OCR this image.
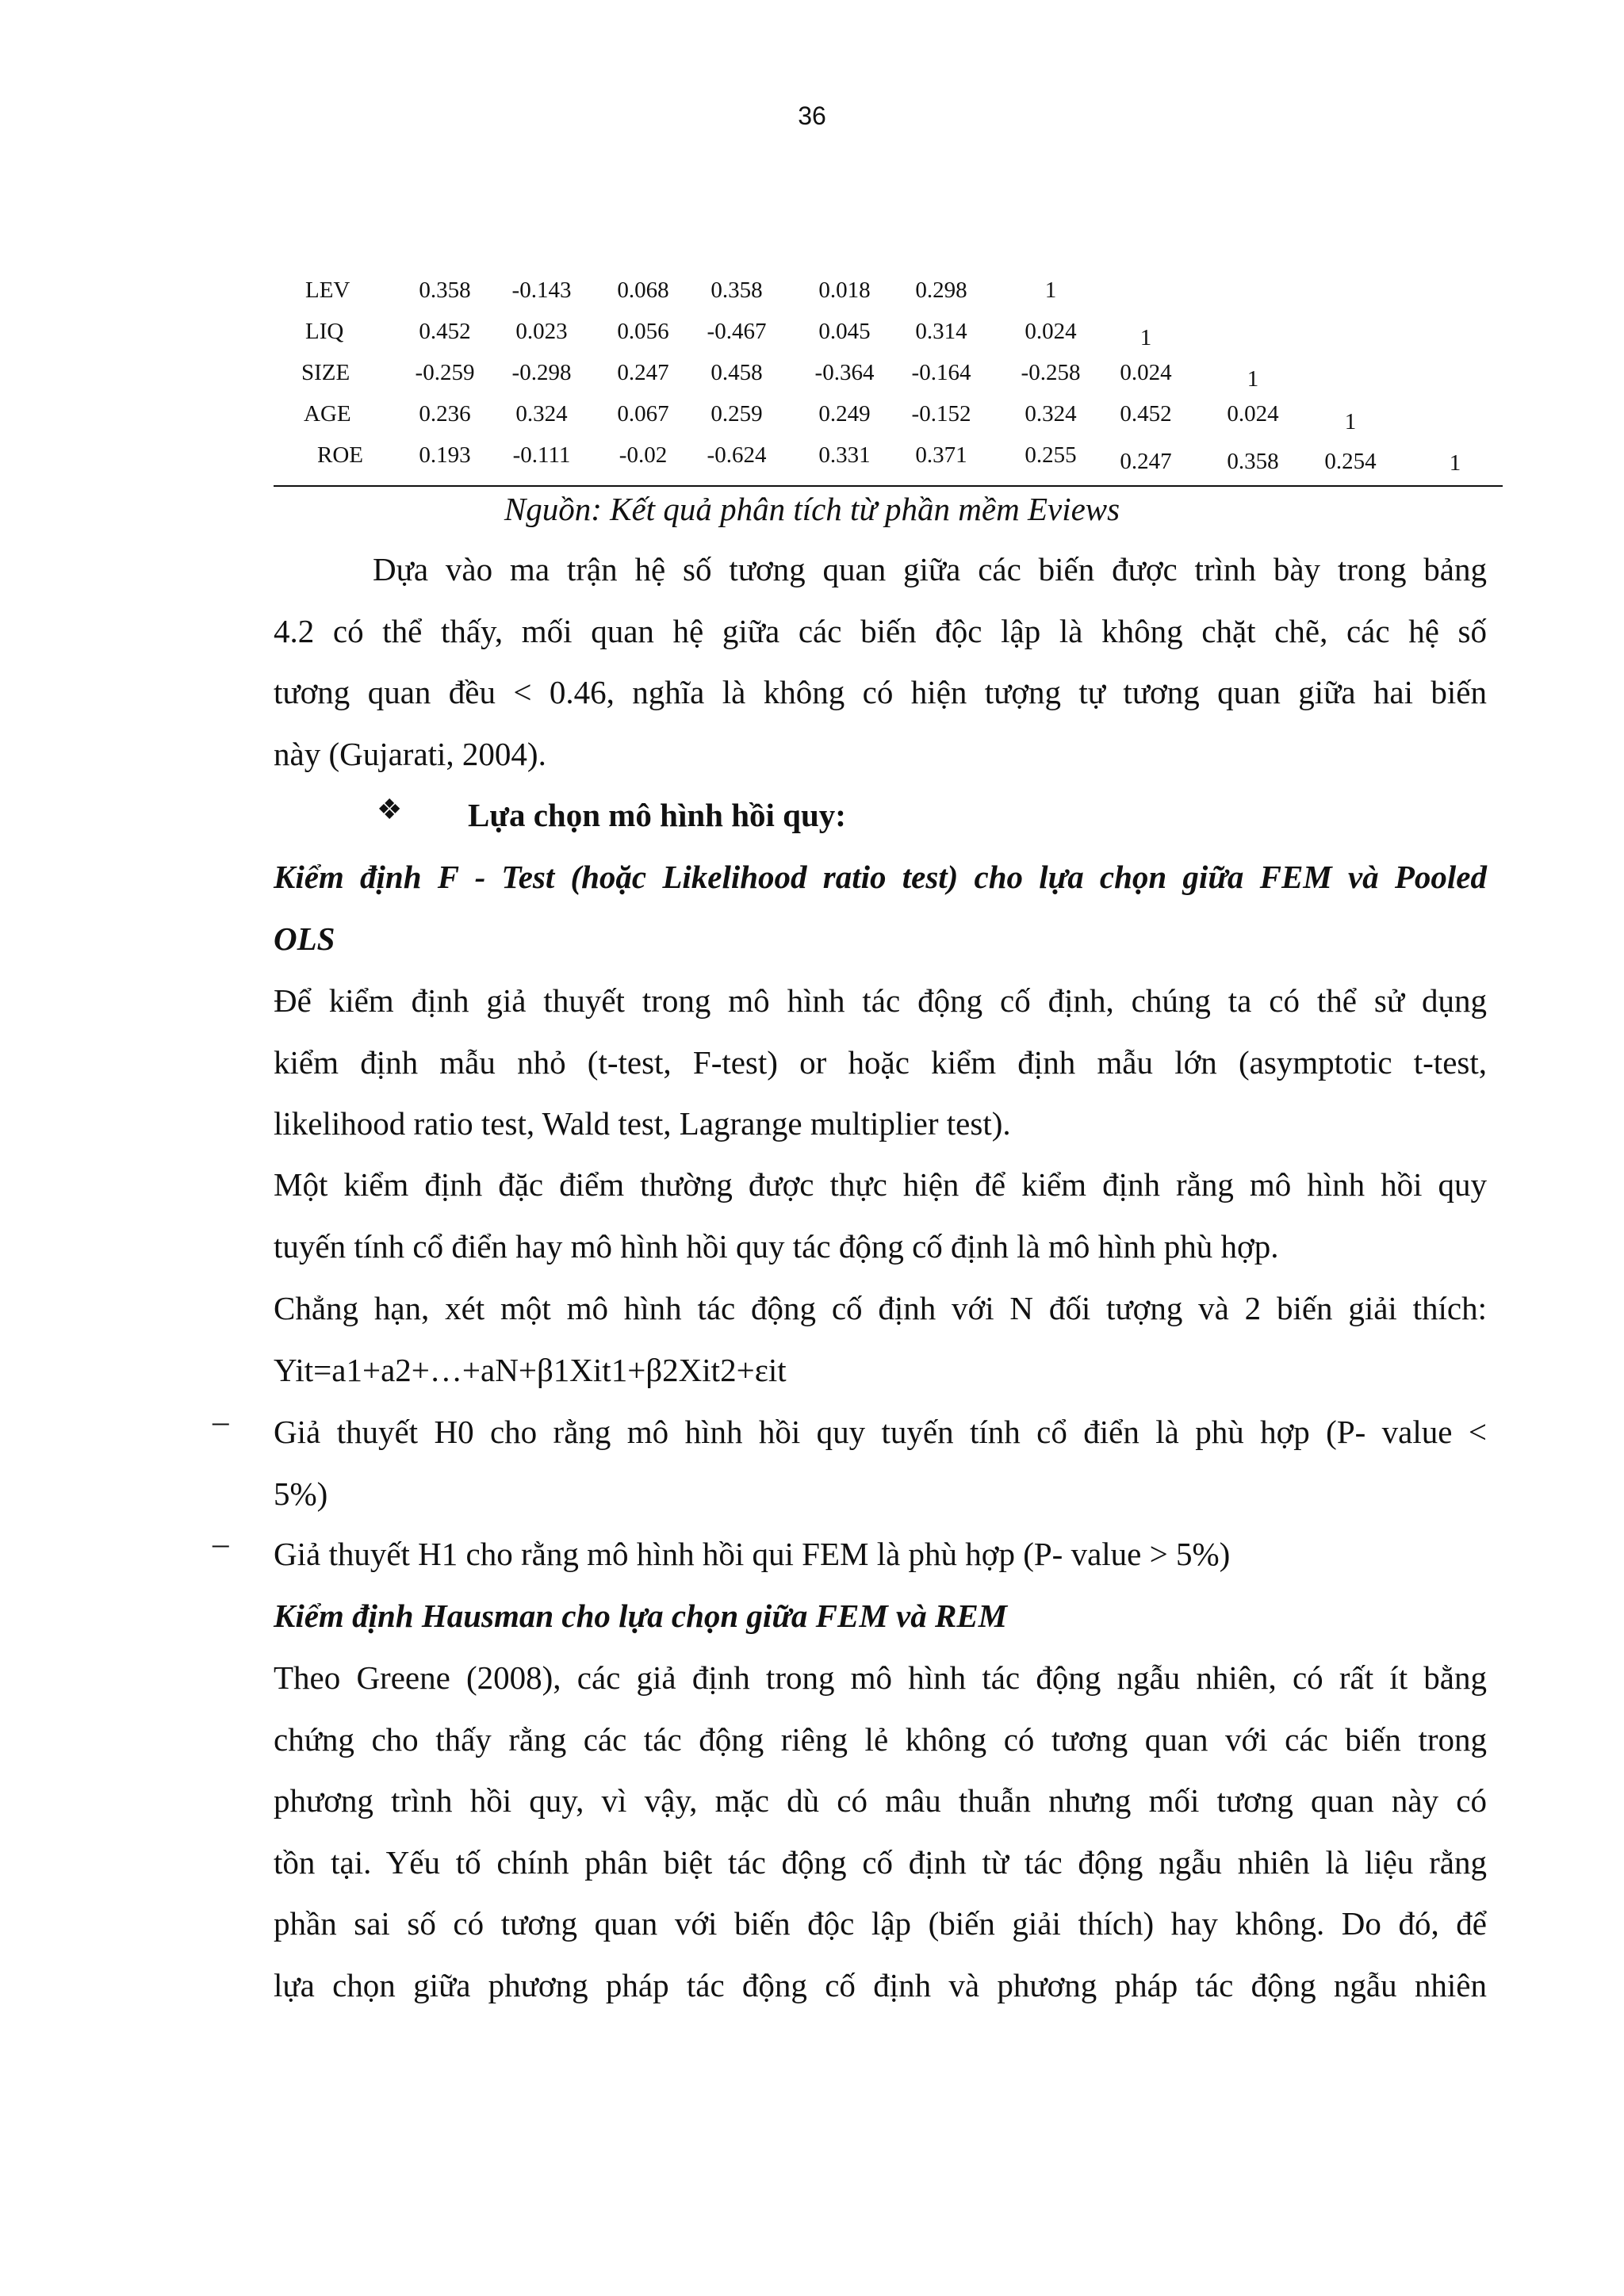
36
LEV	0.358 -0.143 0.068 0.358 0.018 0.298	1
LIQ	0.452 0.023 0.056 -0.467 0.045 0.314	0.024	1
SIZE	-0.259 -0.298 0.247 0.458 -0.364 -0.164 -0.258 0.024	1
AGE	0.236 0.324 0.067 0.259 0.249 -0.152 0.324 0.452 0.024	1
ROE 0.193 -0.111 -0.02 -0.624 0.331 0.371	0.255 0.247 0.358 0.254	1
Nguồn: Kết quả phân tích từ phần mềm Eviews
Dựa vào ma trận hệ số tương quan giữa các biến được trình bày trong bảng
4.2 có thể thấy, mối quan hệ giữa các biến độc lập là không chặt chẽ, các hệ số
tương quan đều < 0.46, nghĩa là không có hiện tượng tự tương quan giữa hai biến
này (Gujarati, 2004).
❖ Lựa chọn mô hình hồi quy:
Kiểm định F - Test (hoặc Likelihood ratio test) cho lựa chọn giữa FEM và Pooled
OLS
Để kiểm định giả thuyết trong mô hình tác động cố định, chúng ta có thể sử dụng
kiểm định mẫu nhỏ (t-test, F-test) or hoặc kiểm định mẫu lớn (asymptotic t-test,
likelihood ratio test, Wald test, Lagrange multiplier test).
Một kiểm định đặc điểm thường được thực hiện để kiểm định rằng mô hình hồi quy
tuyến tính cổ điển hay mô hình hồi quy tác động cố định là mô hình phù hợp.
Chẳng hạn, xét một mô hình tác động cố định với N đối tượng và 2 biến giải thích:
Yit=a1+a2+…+aN+β1Xit1+β2Xit2+εit
– Giả thuyết H0 cho rằng mô hình hồi quy tuyến tính cổ điển là phù hợp (P- value <
5%)
– Giả thuyết H1 cho rằng mô hình hồi qui FEM là phù hợp (P- value > 5%)
Kiểm định Hausman cho lựa chọn giữa FEM và REM
Theo Greene (2008), các giả định trong mô hình tác động ngẫu nhiên, có rất ít bằng
chứng cho thấy rằng các tác động riêng lẻ không có tương quan với các biến trong
phương trình hồi quy, vì vậy, mặc dù có mâu thuẫn nhưng mối tương quan này có
tồn tại. Yếu tố chính phân biệt tác động cố định từ tác động ngẫu nhiên là liệu rằng
phần sai số có tương quan với biến độc lập (biến giải thích) hay không. Do đó, để
lựa chọn giữa phương pháp tác động cố định và phương pháp tác động ngẫu nhiên
